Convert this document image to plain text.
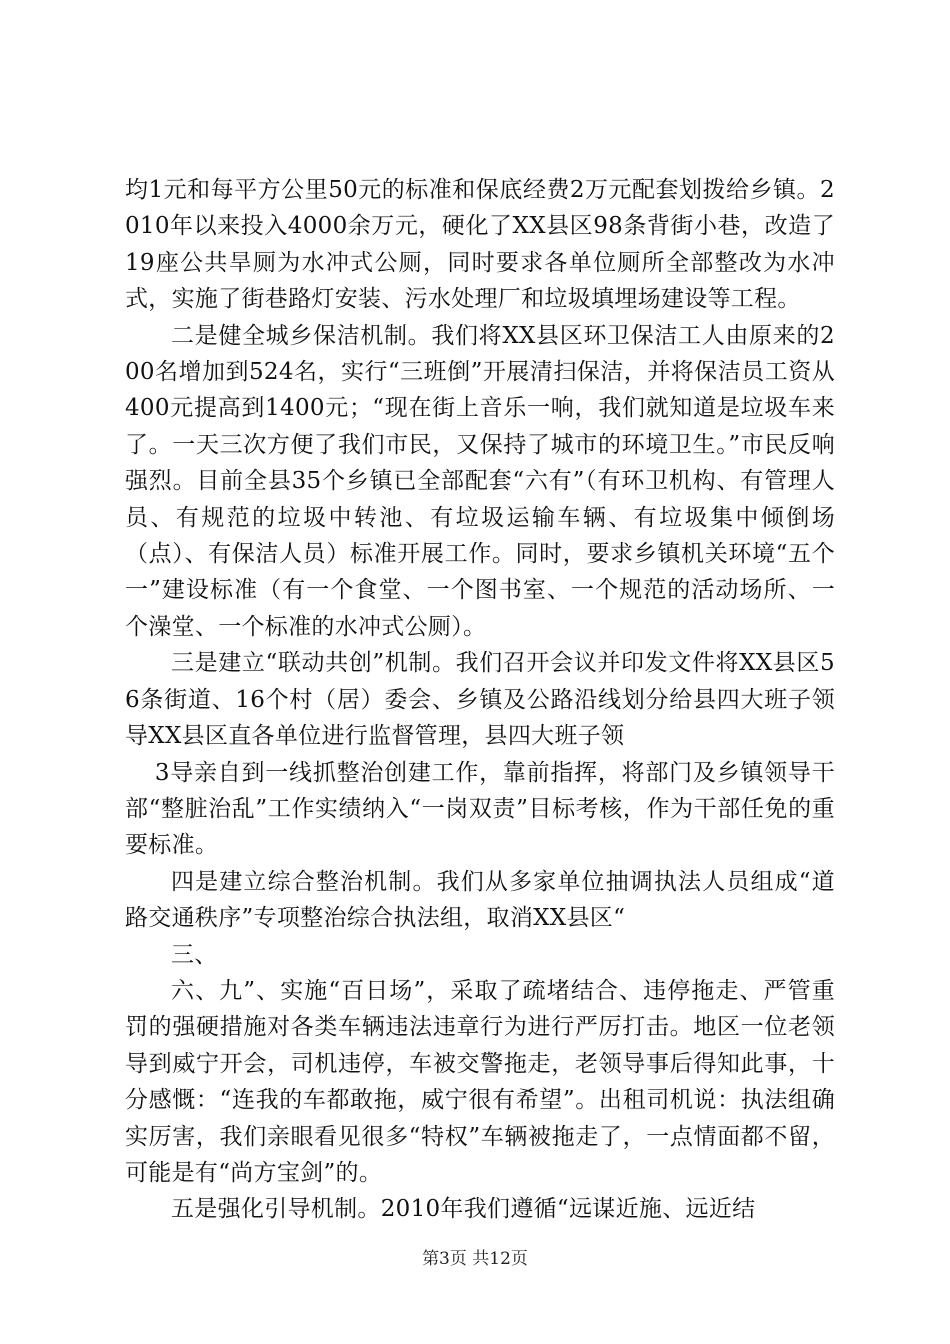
均1元和每平方公里50元的标准和保底经费2万元配套划拨给乡镇。2010年以来投入4000余万元，硬化了XX县区98条背街小巷，改造了19座公共旱厕为水冲式公厕，同时要求各单位厕所全部整改为水冲式，实施了街巷路灯安装、污水处理厂和垃圾填埋场建设等工程。

二是健全城乡保洁机制。我们将XX县区环卫保洁工人由原来的200名增加到524名，实行“三班倒”开展清扫保洁，并将保洁员工资从400元提高到1400元；“现在街上音乐一响，我们就知道是垃圾车来了。一天三次方便了我们市民，又保持了城市的环境卫生。”市民反响强烈。目前全县35个乡镇已全部配套“六有”（有环卫机构、有管理人员、有规范的垃圾中转池、有垃圾运输车辆、有垃圾集中倾倒场（点）、有保洁人员）标准开展工作。同时，要求乡镇机关环境“五个一”建设标准（有一个食堂、一个图书室、一个规范的活动场所、一个澡堂、一个标准的水冲式公厕）。

三是建立“联动共创”机制。我们召开会议并印发文件将XX县区56条街道、16个村（居）委会、乡镇及公路沿线划分给县四大班子领导XX县区直各单位进行监督管理，县四大班子领

3导亲自到一线抓整治创建工作，靠前指挥，将部门及乡镇领导干部“整脏治乱”工作实绩纳入“一岗双责”目标考核，作为干部任免的重要标准。

四是建立综合整治机制。我们从多家单位抽调执法人员组成“道路交通秩序”专项整治综合执法组，取消XX县区“

三、

六、九”、实施“百日场”，采取了疏堵结合、违停拖走、严管重罚的强硬措施对各类车辆违法违章行为进行严厉打击。地区一位老领导到威宁开会，司机违停，车被交警拖走，老领导事后得知此事，十分感慨：“连我的车都敢拖，威宁很有希望”。出租司机说：执法组确实厉害，我们亲眼看见很多“特权”车辆被拖走了，一点情面都不留，可能是有“尚方宝剑”的。

五是强化引导机制。2010年我们遵循“远谋近施、远近结

第3页 共12页
